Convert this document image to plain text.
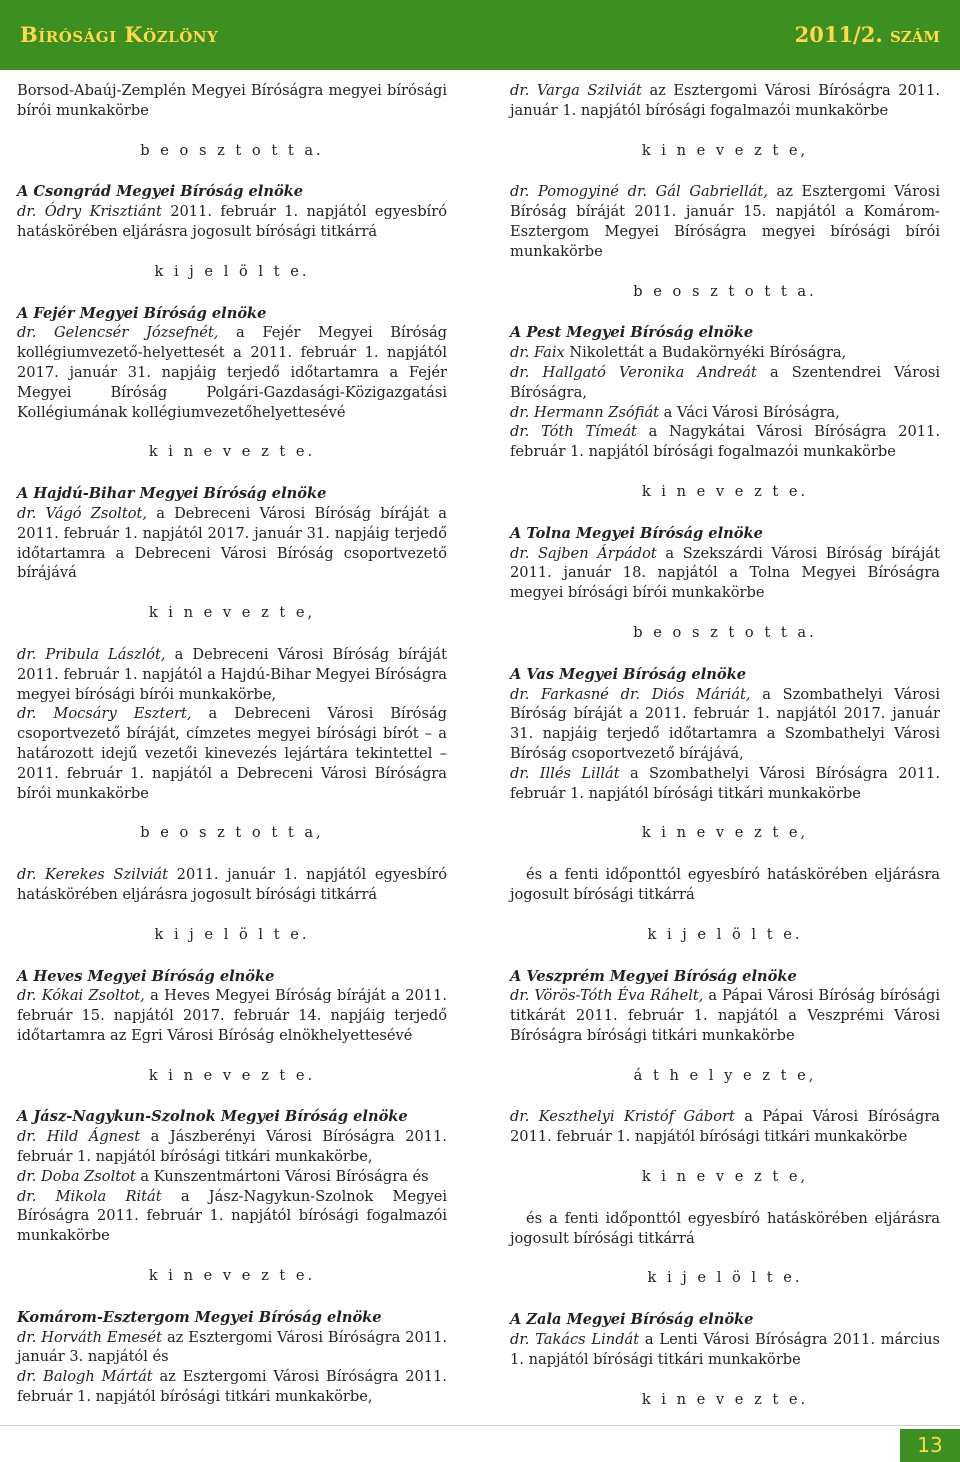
Bírósági Közlöny	2011/2. szám

Borsod-Abaúj-Zemplén Megyei Bíróságra megyei bírósági bírói munkakörbe

b e o s z t o t t a.

A Csongrád Megyei Bíróság elnöke

dr. Ódry Krisztiánt 2011. február 1. napjától egyesbíró hatáskörében eljárásra jogosult bírósági titkárrá

k i j e l ö l t e.

A Fejér Megyei Bíróság elnöke

dr. Gelencsér Józsefnét, a Fejér Megyei Bíróság kollégiumvezető-helyettesét a 2011. február 1. napjától 2017. január 31. napjáig terjedő időtartamra a Fejér Megyei Bíróság Polgári-Gazdasági-Közigazgatási Kollégiumának kollégiumvezetőhelyettesévé

k i n e v e z t e.

A Hajdú-Bihar Megyei Bíróság elnöke

dr. Vágó Zsoltot, a Debreceni Városi Bíróság bíráját a 2011. február 1. napjától 2017. január 31. napjáig terjedő időtartamra a Debreceni Városi Bíróság csoportvezető bírájává

k i n e v e z t e,

dr. Pribula Lászlót, a Debreceni Városi Bíróság bíráját 2011. február 1. napjától a Hajdú-Bihar Megyei Bíróságra megyei bírósági bírói munkakörbe,

dr. Mocsáry Esztert, a Debreceni Városi Bíróság csoportvezető bíráját, címzetes megyei bírósági bírót – a határozott idejű vezetői kinevezés lejártára tekintettel – 2011. február 1. napjától a Debreceni Városi Bíróságra bírói munkakörbe

b e o s z t o t t a,

dr. Kerekes Szilviát 2011. január 1. napjától egyesbíró hatáskörében eljárásra jogosult bírósági titkárrá

k i j e l ö l t e.

A Heves Megyei Bíróság elnöke

dr. Kókai Zsoltot, a Heves Megyei Bíróság bíráját a 2011. február 15. napjától 2017. február 14. napjáig terjedő időtartamra az Egri Városi Bíróság elnökhelyettesévé

k i n e v e z t e.

A Jász-Nagykun-Szolnok Megyei Bíróság elnöke

dr. Hild Ágnest a Jászberényi Városi Bíróságra 2011. február 1. napjától bírósági titkári munkakörbe,

dr. Doba Zsoltot a Kunszentmártoni Városi Bíróságra és

dr. Mikola Ritát a Jász-Nagykun-Szolnok Megyei Bíróságra 2011. február 1. napjától bírósági fogalmazói munkakörbe

k i n e v e z t e.

Komárom-Esztergom Megyei Bíróság elnöke

dr. Horváth Emesét az Esztergomi Városi Bíróságra 2011. január 3. napjától és

dr. Balogh Mártát az Esztergomi Városi Bíróságra 2011. február 1. napjától bírósági titkári munkakörbe,

dr. Varga Szilviát az Esztergomi Városi Bíróságra 2011. január 1. napjától bírósági fogalmazói munkakörbe

k i n e v e z t e,

dr. Pomogyiné dr. Gál Gabriellát, az Esztergomi Városi Bíróság bíráját 2011. január 15. napjától a Komárom-Esztergom Megyei Bíróságra megyei bírósági bírói munkakörbe

b e o s z t o t t a.

A Pest Megyei Bíróság elnöke

dr. Faix Nikolettát a Budakörnyéki Bíróságra,

dr. Hallgató Veronika Andreát a Szentendrei Városi Bíróságra,

dr. Hermann Zsófiát a Váci Városi Bíróságra,

dr. Tóth Tímeát a Nagykátai Városi Bíróságra 2011. február 1. napjától bírósági fogalmazói munkakörbe

k i n e v e z t e.

A Tolna Megyei Bíróság elnöke

dr. Sajben Árpádot a Szekszárdi Városi Bíróság bíráját 2011. január 18. napjától a Tolna Megyei Bíróságra megyei bírósági bírói munkakörbe

b e o s z t o t t a.

A Vas Megyei Bíróság elnöke

dr. Farkasné dr. Diós Máriát, a Szombathelyi Városi Bíróság bíráját a 2011. február 1. napjától 2017. január 31. napjáig terjedő időtartamra a Szombathelyi Városi Bíróság csoportvezető bírájává,

dr. Illés Lillát a Szombathelyi Városi Bíróságra 2011. február 1. napjától bírósági titkári munkakörbe

k i n e v e z t e,

és a fenti időponttól egyesbíró hatáskörében eljárásra jogosult bírósági titkárrá

k i j e l ö l t e.

A Veszprém Megyei Bíróság elnöke

dr. Vörös-Tóth Éva Ráhelt, a Pápai Városi Bíróság bírósági titkárát 2011. február 1. napjától a Veszprémi Városi Bíróságra bírósági titkári munkakörbe

á t h e l y e z t e,

dr. Keszthelyi Kristóf Gábort a Pápai Városi Bíróságra 2011. február 1. napjától bírósági titkári munkakörbe

k i n e v e z t e,

és a fenti időponttól egyesbíró hatáskörében eljárásra jogosult bírósági titkárrá

k i j e l ö l t e.

A Zala Megyei Bíróság elnöke

dr. Takács Lindát a Lenti Városi Bíróságra 2011. március 1. napjától bírósági titkári munkakörbe

k i n e v e z t e.
13
